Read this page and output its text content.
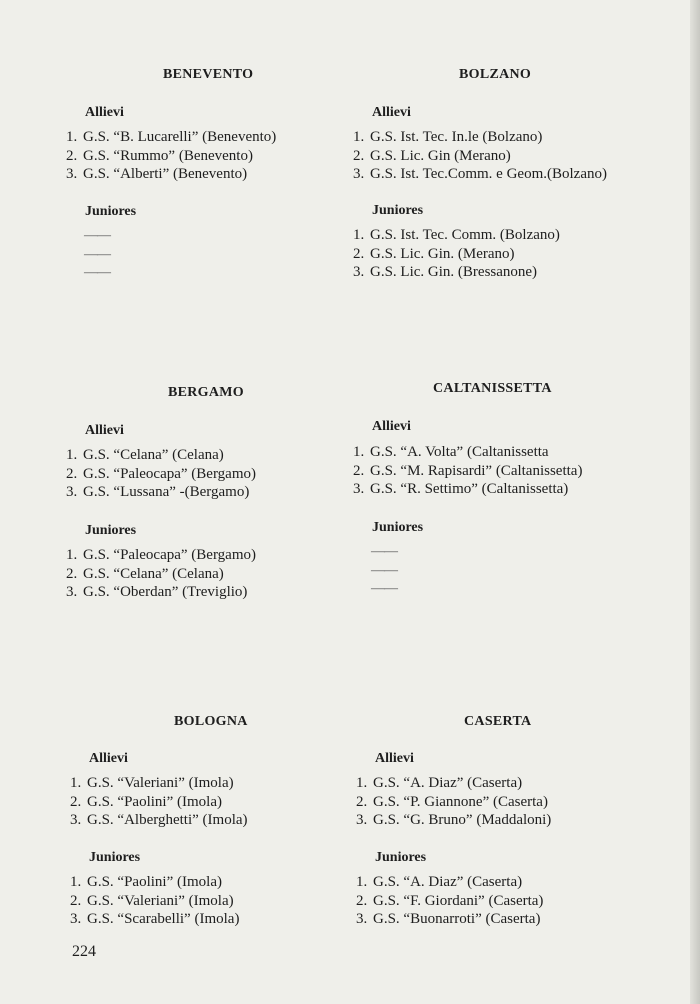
BENEVENTO
Allievi
1. G.S. “B. Lucarelli” (Benevento)
2. G.S. “Rummo” (Benevento)
3. G.S. “Alberti” (Benevento)
Juniores
——
——
——
BOLZANO
Allievi
1. G.S. Ist. Tec. In.le (Bolzano)
2. G.S. Lic. Gin (Merano)
3. G.S. Ist. Tec.Comm. e Geom.(Bolzano)
Juniores
1. G.S. Ist. Tec. Comm. (Bolzano)
2. G.S. Lic. Gin. (Merano)
3. G.S. Lic. Gin. (Bressanone)
BERGAMO
Allievi
1. G.S. “Celana” (Celana)
2. G.S. “Paleocapa” (Bergamo)
3. G.S. “Lussana” -(Bergamo)
Juniores
1. G.S. “Paleocapa” (Bergamo)
2. G.S. “Celana” (Celana)
3. G.S. “Oberdan” (Treviglio)
CALTANISSETTA
Allievi
1. G.S. “A. Volta” (Caltanissetta
2. G.S. “M. Rapisardi” (Caltanissetta)
3. G.S. “R. Settimo” (Caltanissetta)
Juniores
——
——
——
BOLOGNA
Allievi
1. G.S. “Valeriani” (Imola)
2. G.S. “Paolini” (Imola)
3. G.S. “Alberghetti” (Imola)
Juniores
1. G.S. “Paolini” (Imola)
2. G.S. “Valeriani” (Imola)
3. G.S. “Scarabelli” (Imola)
CASERTA
Allievi
1. G.S. “A. Diaz” (Caserta)
2. G.S. “P. Giannone” (Caserta)
3. G.S. “G. Bruno” (Maddaloni)
Juniores
1. G.S. “A. Diaz” (Caserta)
2. G.S. “F. Giordani” (Caserta)
3. G.S. “Buonarroti” (Caserta)
224
